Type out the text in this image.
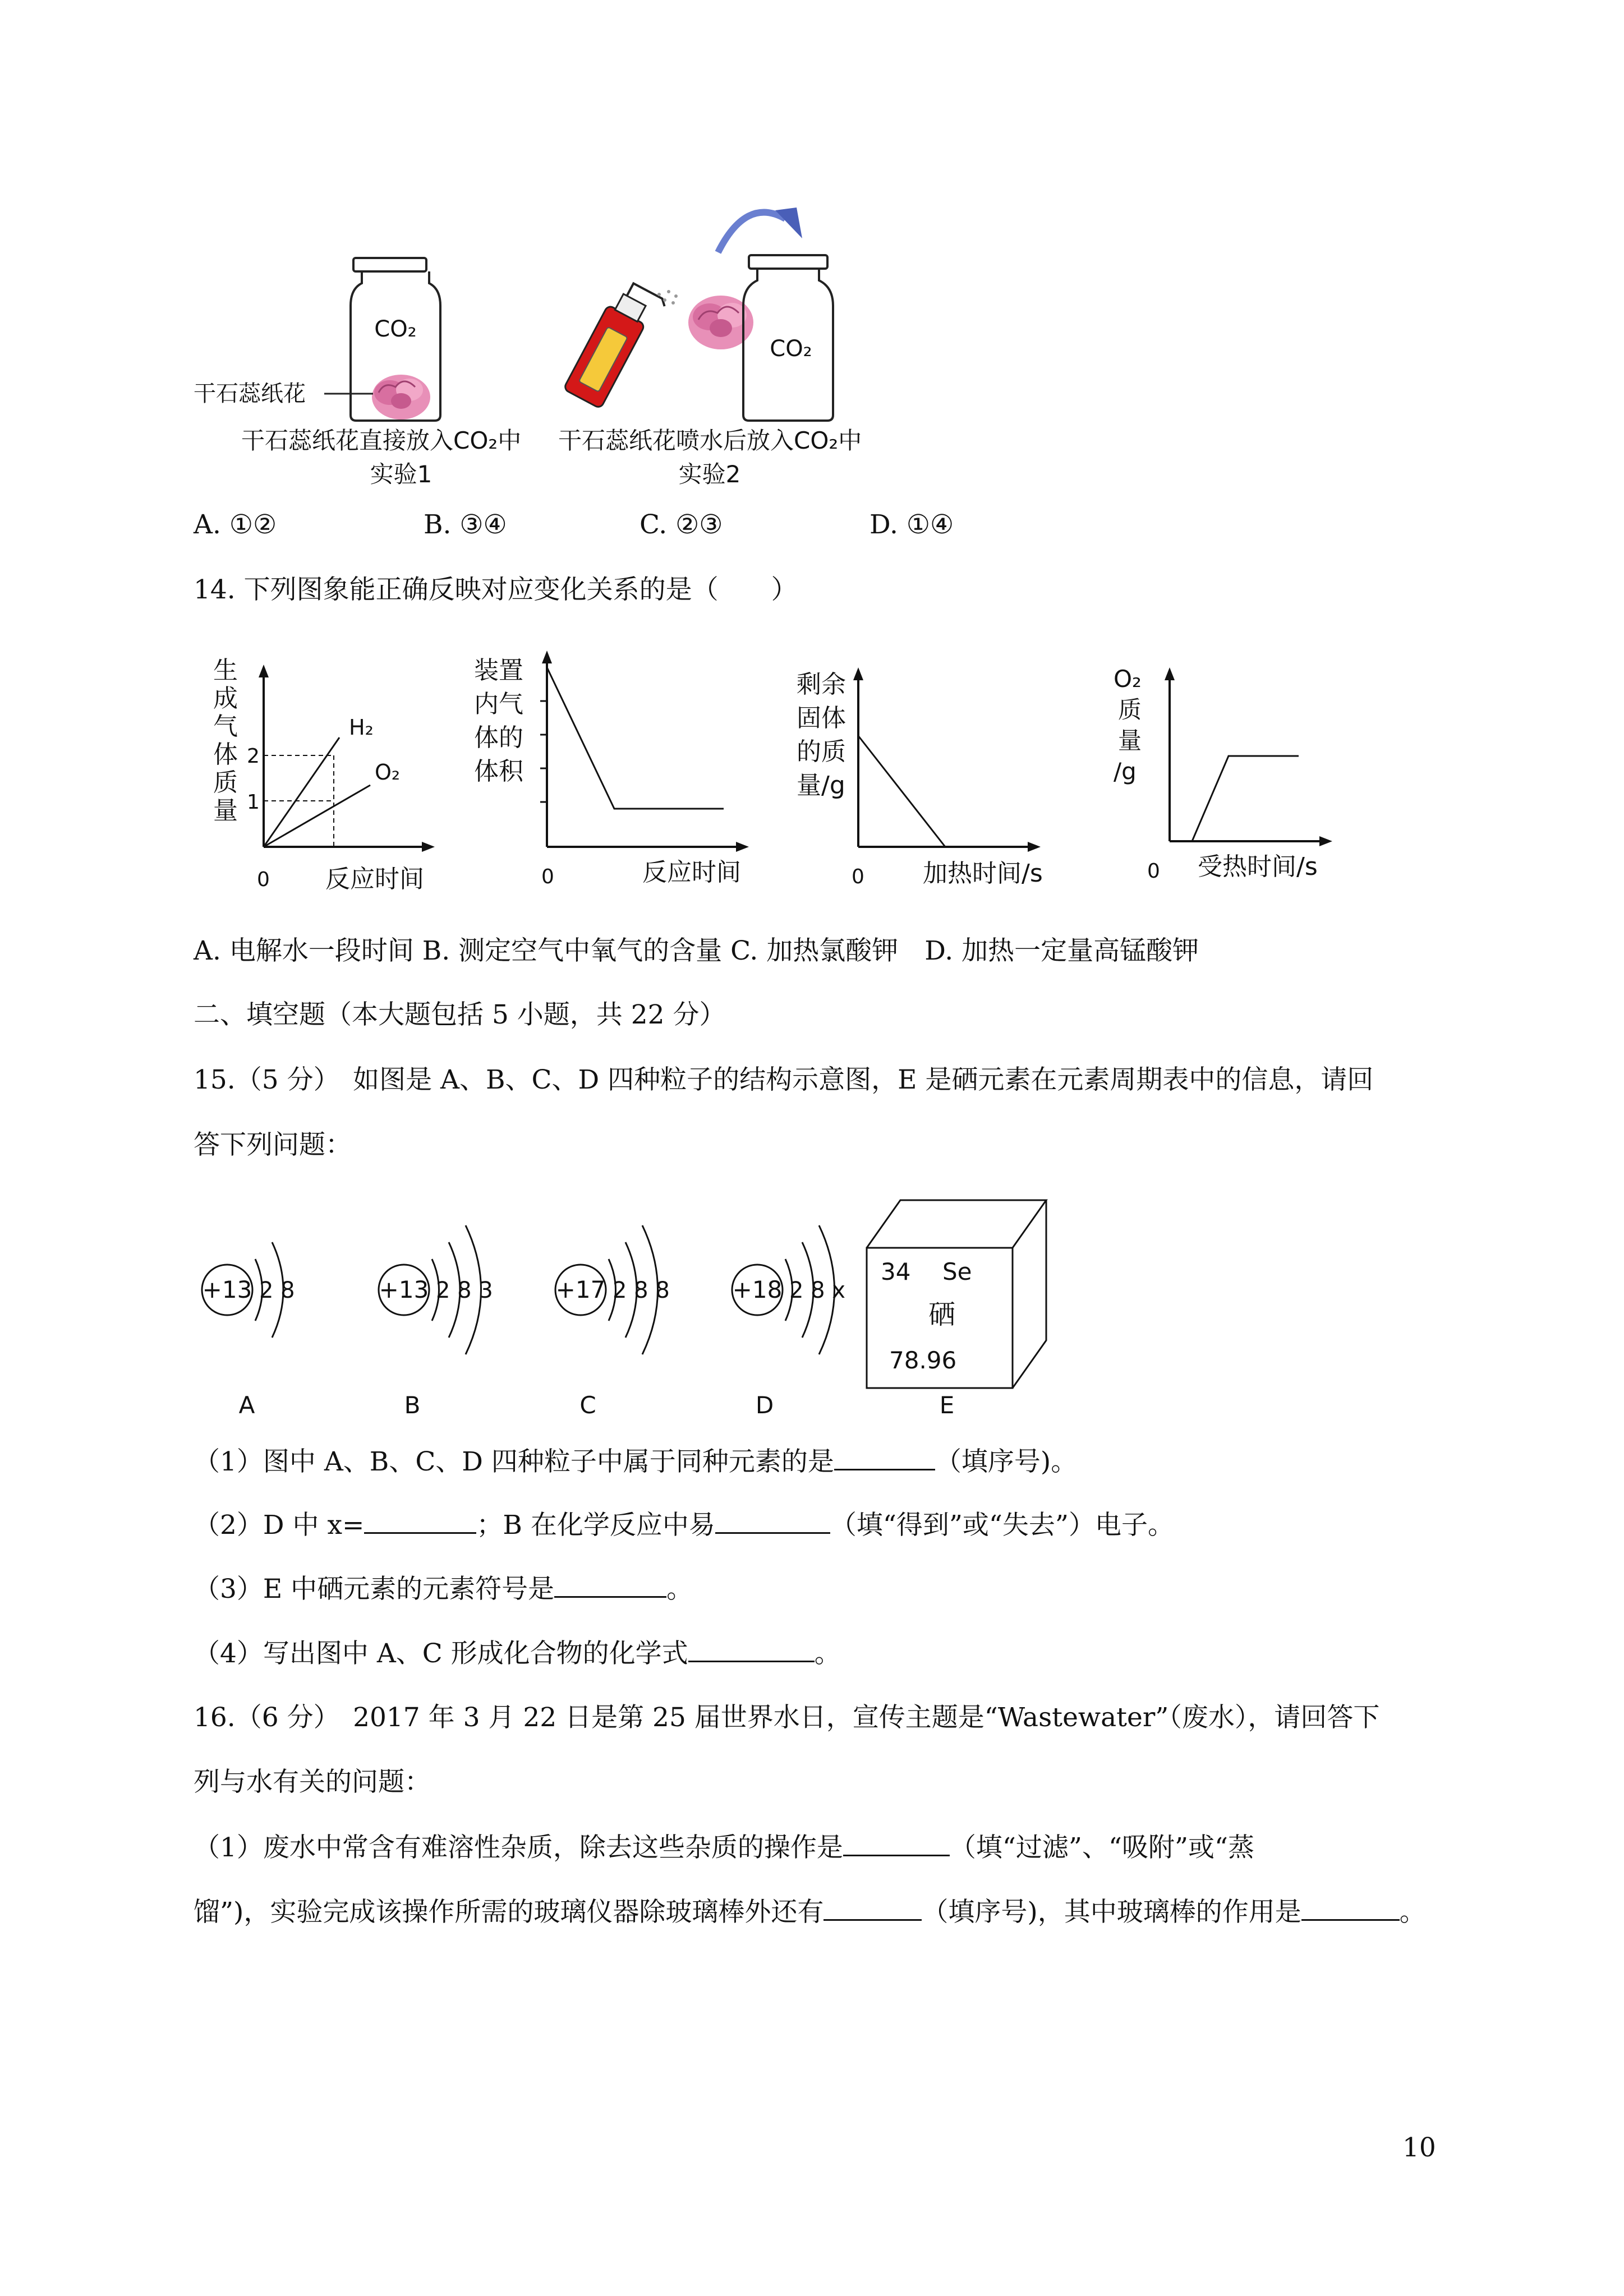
CO₂
干石蕊纸花
干石蕊纸花直接放入CO₂中
实验1
CO₂
干石蕊纸花喷水后放入CO₂中
实验2
A. ①②	B. ③④	C. ②③	D. ①④
14. 下列图象能正确反映对应变化关系的是（　　）
生
成
气
体
质
量
2
1
H₂
O₂
0 反应时间
装置
内气
体的
体积
0	反应时间
剩余
固体
的质
量/g
0 加热时间/s
O₂
质
量
/g
0 受热时间/s
A. 电解水一段时间 B. 测定空气中氧气的含量 C. 加热氯酸钾　D. 加热一定量高锰酸钾
二、填空题（本大题包括 5 小题，共 22 分）
15.（5 分）　如图是 A、B、C、D 四种粒子的结构示意图，E 是硒元素在元素周期表中的信息，请回
答下列问题：
+13 2 8
A
+13 2 8 3
B
+17 2 8 8
C
+18 2 8 x
D
34 Se
硒
78.96
E
（1）图中 A、B、C、D 四种粒子中属于同种元素的是	（填序号)。
（2）D 中 x=	；B 在化学反应中易	（填“得到”或“失去”）电子。
（3）E 中硒元素的元素符号是	。
（4）写出图中 A、C 形成化合物的化学式	。
16.（6 分）　2017 年 3 月 22 日是第 25 届世界水日，宣传主题是“Wastewater”（废水），请回答下
列与水有关的问题：
（1）废水中常含有难溶性杂质，除去这些杂质的操作是	（填“过滤”、“吸附”或“蒸
馏”)，实验完成该操作所需的玻璃仪器除玻璃棒外还有	（填序号)，其中玻璃棒的作用是	。
10
